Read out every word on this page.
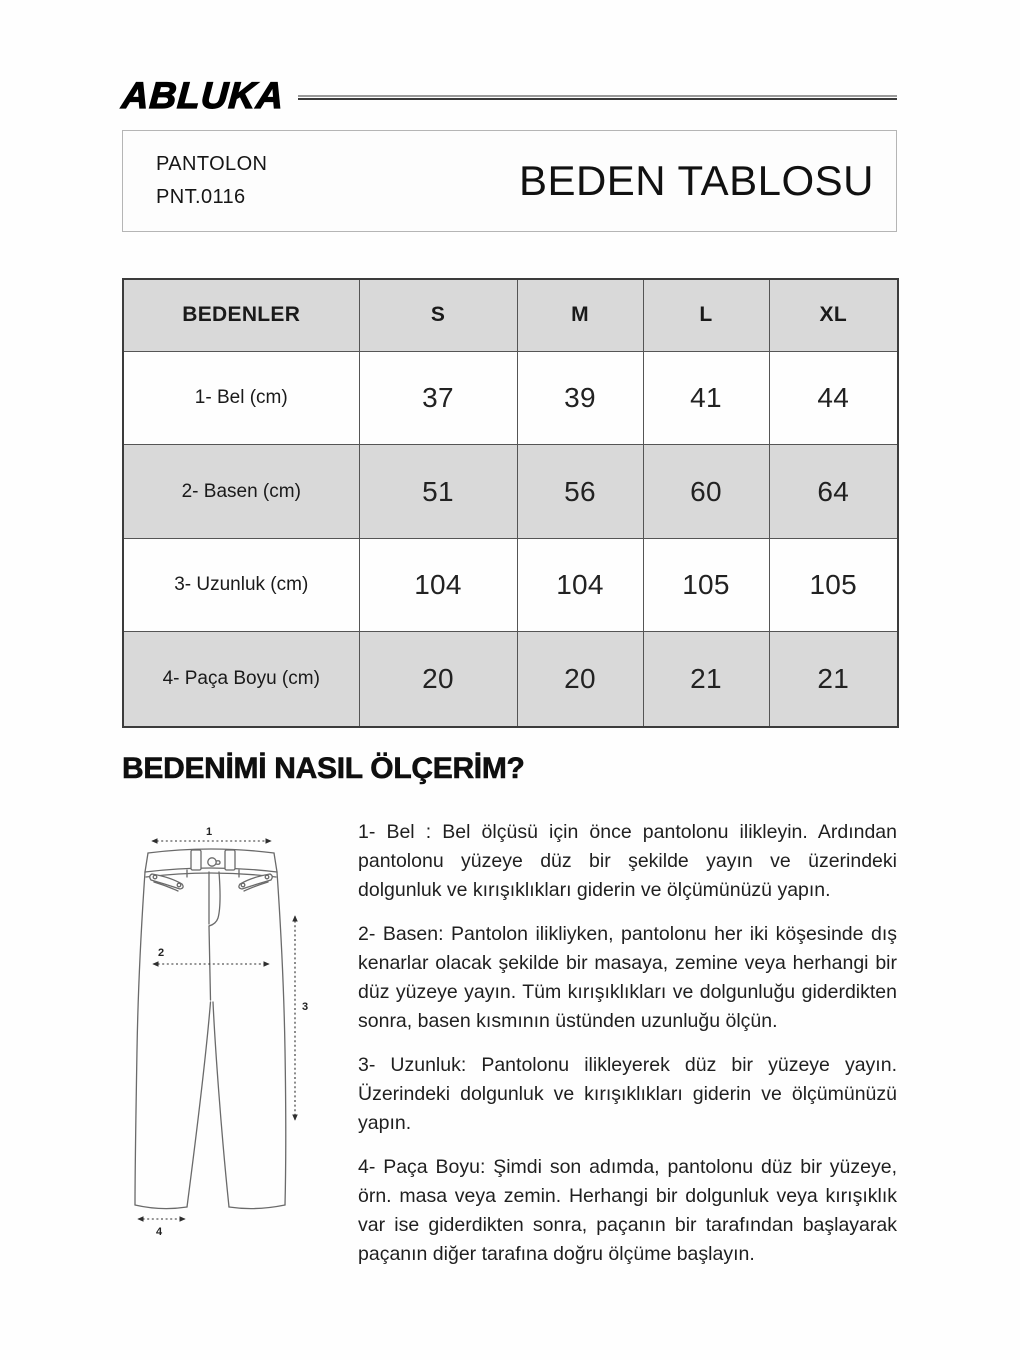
ABLUKA
PANTOLON
PNT.0116	BEDEN TABLOSU
BEDENLER	S	M	L	XL
1- Bel (cm)	37	39	41	44
2- Basen (cm)	51	56	60	64
3- Uzunluk (cm)	104	104	105	105
4- Paça Boyu (cm)	20	20	21	21
BEDENİMİ NASIL ÖLÇERİM?
1
2
3
4

1- Bel : Bel ölçüsü için önce pantolonu ilikleyin. Ardından pantolonu yüzeye düz bir şekilde yayın ve üzerindeki dolgunluk ve kırışıklıkları giderin ve ölçümünüzü yapın.

2- Basen: Pantolon ilikliyken, pantolonu her iki köşesinde dış kenarlar olacak şekilde bir masaya, zemine veya herhangi bir düz yüzeye yayın. Tüm kırışıklıkları ve dolgunluğu giderdikten sonra, basen kısmının üstünden uzunluğu ölçün.

3- Uzunluk: Pantolonu ilikleyerek düz bir yüzeye yayın. Üzerindeki dolgunluk ve kırışıklıkları giderin ve ölçümünüzü yapın.

4- Paça Boyu: Şimdi son adımda, pantolonu düz bir yüzeye, örn. masa veya zemin. Herhangi bir dolgunluk veya kırışıklık var ise giderdikten sonra, paçanın bir tarafından başlayarak paçanın diğer tarafına doğru ölçüme başlayın.
